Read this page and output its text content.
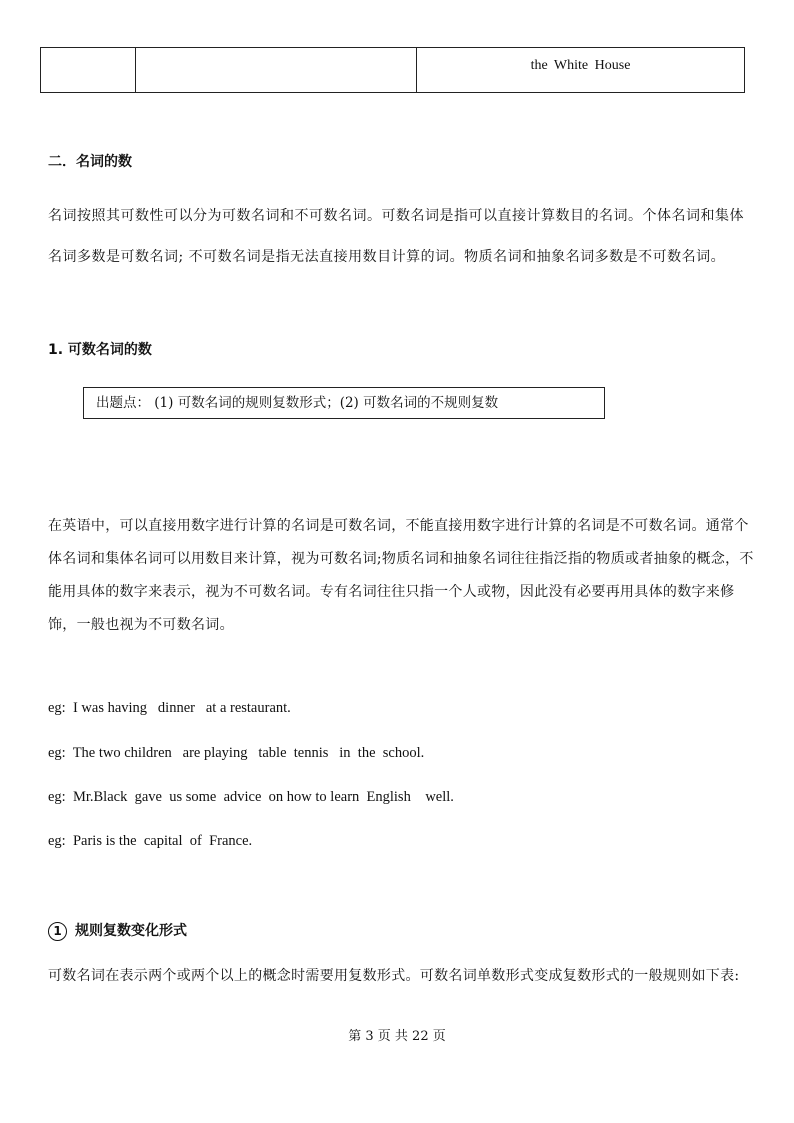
the White House
二．名词的数
名词按照其可数性可以分为可数名词和不可数名词。可数名词是指可以直接计算数目的名词。个体名词和集体名词多数是可数名词; 不可数名词是指无法直接用数目计算的词。物质名词和抽象名词多数是不可数名词。
1. 可数名词的数
出题点： (1) 可数名词的规则复数形式；(2) 可数名词的不规则复数
在英语中，可以直接用数字进行计算的名词是可数名词，不能直接用数字进行计算的名词是不可数名词。通常个体名词和集体名词可以用数目来计算，视为可数名词;物质名词和抽象名词往往指泛指的物质或者抽象的概念，不能用具体的数字来表示，视为不可数名词。专有名词往往只指一个人或物，因此没有必要再用具体的数字来修饰，一般也视为不可数名词。
eg:  I was having   dinner   at a restaurant.
eg:  The two children   are playing   table  tennis   in  the  school.
eg:  Mr.Black  gave  us some  advice  on how to learn  English    well.
eg:  Paris is the  capital  of  France.
1 规则复数变化形式
可数名词在表示两个或两个以上的概念时需要用复数形式。可数名词单数形式变成复数形式的一般规则如下表:
第 3 页 共 22 页
